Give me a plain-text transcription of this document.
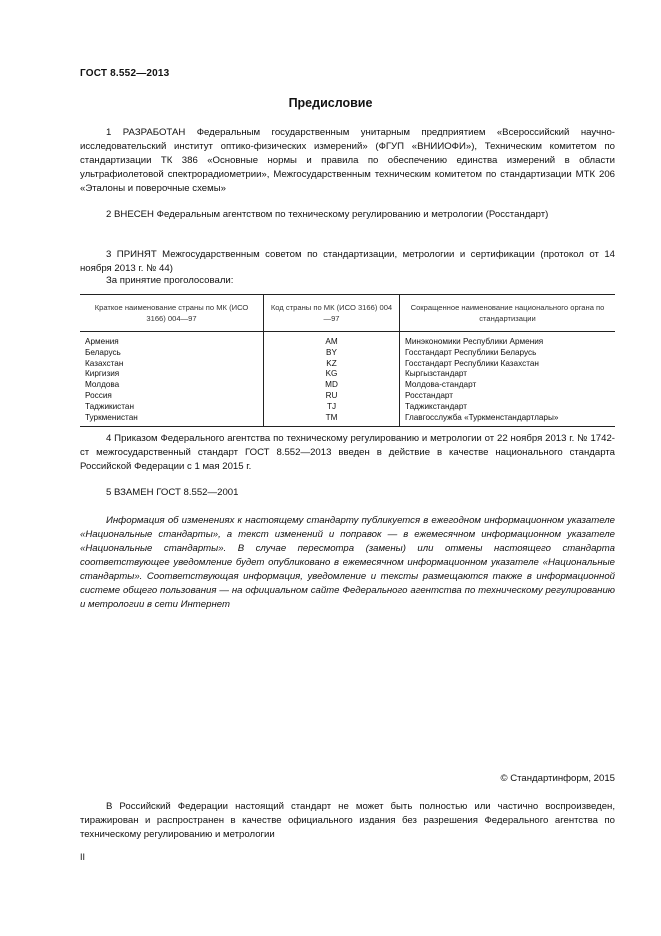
ГОСТ 8.552—2013
Предисловие

1 РАЗРАБОТАН Федеральным государственным унитарным предприятием «Всероссийский научно-исследовательский институт оптико-физических измерений» (ФГУП «ВНИИОФИ»), Техническим комитетом по стандартизации ТК 386 «Основные нормы и правила по обеспечению единства измерений в области ультрафиолетовой спектрорадиометрии», Межгосударственным техническим комитетом по стандартизации МТК 206 «Эталоны и поверочные схемы»

2 ВНЕСЕН Федеральным агентством по техническому регулированию и метрологии (Росстандарт)

3 ПРИНЯТ Межгосударственным советом по стандартизации, метрологии и сертификации (протокол от 14 ноября 2013 г. № 44)

За принятие проголосовали:

Краткое наименование страны по МК (ИСО 3166) 004—97	Код страны по МК (ИСО 3166) 004—97	Сокращенное наименование национального органа по стандартизации
Армения	AM	Минэкономики Республики Армения
Беларусь	BY	Госстандарт Республики Беларусь
Казахстан	KZ	Госстандарт Республики Казахстан
Киргизия	KG	Кыргызстандарт
Молдова	MD	Молдова-стандарт
Россия	RU	Росстандарт
Таджикистан	TJ	Таджикстандарт
Туркменистан	TM	Главгосслужба «Туркменстандартлары»

4 Приказом Федерального агентства по техническому регулированию и метрологии от 22 ноября 2013 г. № 1742-ст межгосударственный стандарт ГОСТ 8.552—2013 введен в действие в качестве национального стандарта Российской Федерации с 1 мая 2015 г.

5 ВЗАМЕН ГОСТ 8.552—2001

Информация об изменениях к настоящему стандарту публикуется в ежегодном информационном указателе «Национальные стандарты», а текст изменений и поправок — в ежемесячном информационном указателе «Национальные стандарты». В случае пересмотра (замены) или отмены настоящего стандарта соответствующее уведомление будет опубликовано в ежемесячном информационном указателе «Национальные стандарты». Соответствующая информация, уведомление и тексты размещаются также в информационной системе общего пользования — на официальном сайте Федерального агентства по техническому регулированию и метрологии в сети Интернет

© Стандартинформ, 2015

В Российский Федерации настоящий стандарт не может быть полностью или частично воспроизведен, тиражирован и распространен в качестве официального издания без разрешения Федерального агентства по техническому регулированию и метрологии

II
